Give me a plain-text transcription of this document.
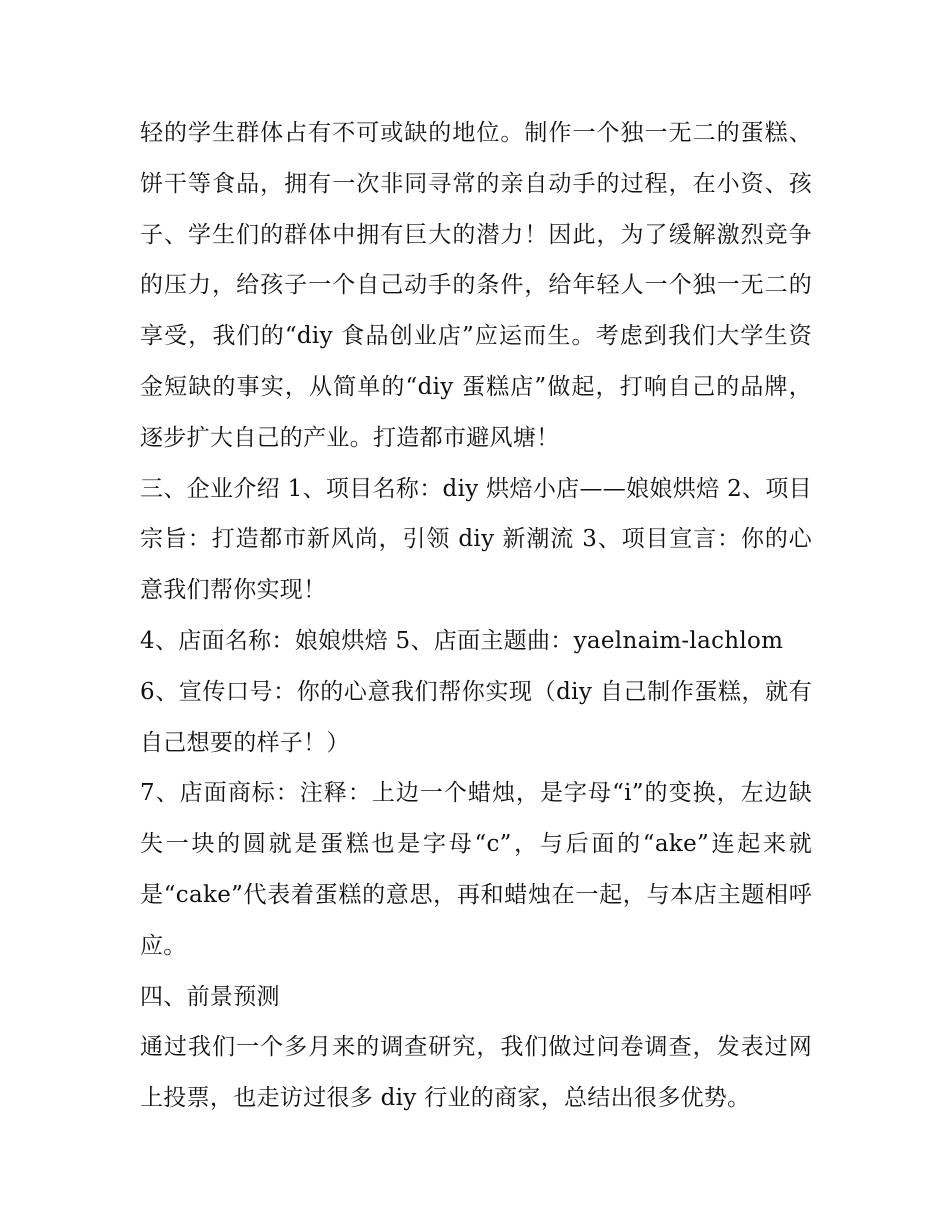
轻的学生群体占有不可或缺的地位。制作一个独一无二的蛋糕、饼干等食品，拥有一次非同寻常的亲自动手的过程，在小资、孩子、学生们的群体中拥有巨大的潜力！因此，为了缓解激烈竞争的压力，给孩子一个自己动手的条件，给年轻人一个独一无二的享受，我们的“diy 食品创业店”应运而生。考虑到我们大学生资金短缺的事实，从简单的“diy 蛋糕店”做起，打响自己的品牌，逐步扩大自己的产业。打造都市避风塘！

三、企业介绍 1、项目名称：diy 烘焙小店——娘娘烘焙 2、项目宗旨：打造都市新风尚，引领 diy 新潮流 3、项目宣言：你的心意我们帮你实现！

4、店面名称：娘娘烘焙 5、店面主题曲：yaelnaim-lachlom

6、宣传口号：你的心意我们帮你实现（diy 自己制作蛋糕，就有自己想要的样子！）

7、店面商标：注释：上边一个蜡烛，是字母“i”的变换，左边缺失一块的圆就是蛋糕也是字母“c”，与后面的“ake”连起来就是“cake”代表着蛋糕的意思，再和蜡烛在一起，与本店主题相呼应。

四、前景预测

通过我们一个多月来的调查研究，我们做过问卷调查，发表过网上投票，也走访过很多 diy 行业的商家，总结出很多优势。
